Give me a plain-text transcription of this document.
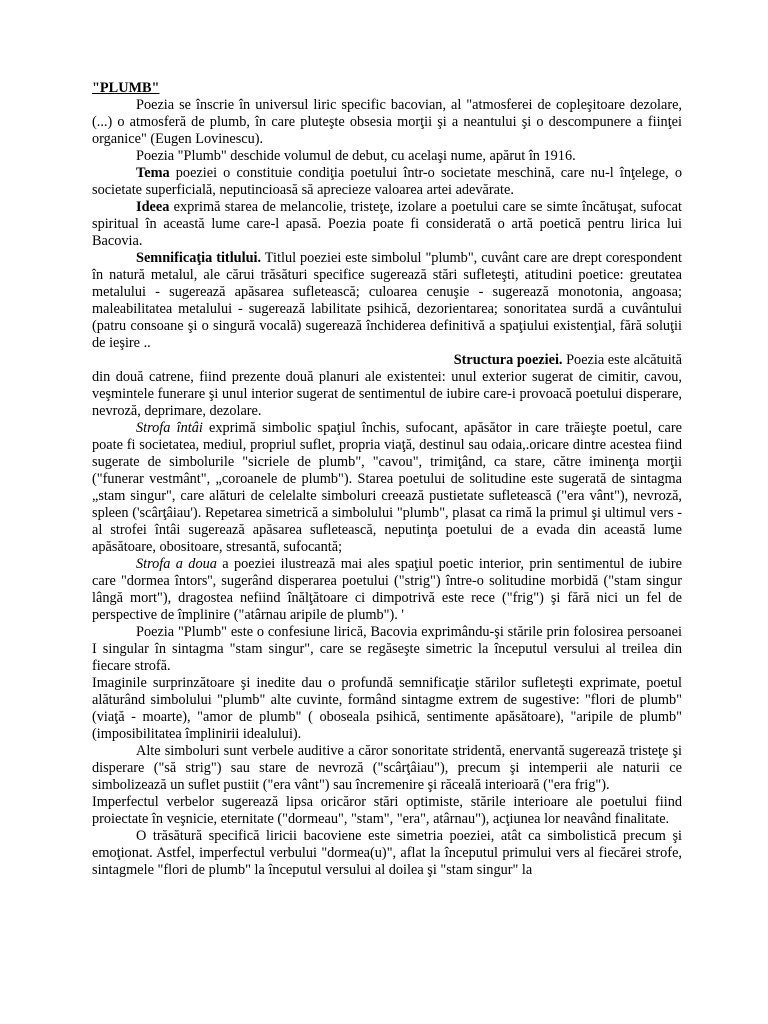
"PLUMB"

Poezia se înscrie în universul liric specific bacovian, al "atmosferei de copleşitoare dezolare, (...) o atmosferă de plumb, în care pluteşte obsesia morţii şi a neantului şi o descompunere a fiinţei organice" (Eugen Lovinescu).

Poezia "Plumb" deschide volumul de debut, cu acelaşi nume, apărut în 1916.

Tema poeziei o constituie condiţia poetului într-o societate meschină, care nu-l înţelege, o societate superficială, neputincioasă să aprecieze valoarea artei adevărate.

Ideea exprimă starea de melancolie, tristeţe, izolare a poetului care se simte încătuşat, sufocat spiritual în această lume care-l apasă. Poezia poate fi considerată o artă poetică pentru lirica lui Bacovia.

Semnificaţia titlului. Titlul poeziei este simbolul "plumb", cuvânt care are drept corespondent în natură metalul, ale cărui trăsături specifice sugerează stări sufleteşti, atitudini poetice: greutatea metalului - sugerează apăsarea sufletească; culoarea cenuşie - sugerează monotonia, angoasa; maleabilitatea metalului - sugerează labilitate psihică, dezorientarea; sonoritatea surdă a cuvântului (patru consoane şi o singură vocală) sugerează închiderea definitivă a spaţiului existenţial, fără soluţii de ieşire ..

Structura poeziei. Poezia este alcătuită

din două catrene, fiind prezente două planuri ale existentei: unul exterior sugerat de cimitir, cavou, veşmintele funerare şi unul interior sugerat de sentimentul de iubire care-i provoacă poetului disperare, nevroză, deprimare, dezolare.

Strofa întâi exprimă simbolic spaţiul închis, sufocant, apăsător in care trăieşte poetul, care poate fi societatea, mediul, propriul suflet, propria viaţă, destinul sau odaia,.oricare dintre acestea fiind sugerate de simbolurile "sicriele de plumb", "cavou", trimiţând, ca stare, către iminenţa morţii ("funerar vestmânt", „coroanele de plumb"). Starea poetului de solitudine este sugerată de sintagma „stam singur", care alături de celelalte simboluri creează pustietate sufletească ("era vânt"), nevroză, spleen ('scârţâiau'). Repetarea simetrică a simbolului "plumb", plasat ca rimă la primul şi ultimul vers - al strofei întâi sugerează apăsarea sufletească, neputinţa poetului de a evada din această lume apăsătoare, obositoare, stresantă, sufocantă;

Strofa a doua a poeziei ilustrează mai ales spaţiul poetic interior, prin sentimentul de iubire care "dormea întors'', sugerând disperarea poetului ("strig") între-o solitudine morbidă ("stam singur lângă mort"), dragostea nefiind înălţătoare ci dimpotrivă este rece ("frig") şi fără nici un fel de perspective de împlinire ("atârnau aripile de plumb"). '

Poezia "Plumb" este o confesiune lirică, Bacovia exprimându-şi stările prin folosirea persoanei I singular în sintagma "stam singur", care se regăseşte simetric la începutul versului al treilea din fiecare strofă.

Imaginile surprinzătoare şi inedite dau o profundă semnificaţie stărilor sufleteşti exprimate, poetul alăturând simbolului "plumb" alte cuvinte, formând sintagme extrem de sugestive: "flori de plumb" (viaţă - moarte), "amor de plumb" ( oboseala psihică, sentimente apăsătoare), "aripile de plumb" (imposibilitatea împlinirii idealului).

Alte simboluri sunt verbele auditive a căror sonoritate stridentă, enervantă sugerează tristeţe şi disperare ("să strig") sau stare de nevroză ("scârţâiau"), precum şi intemperii ale naturii ce simbolizează un suflet pustiit ("era vânt") sau încremenire şi răceală interioară ("era frig").

Imperfectul verbelor sugerează lipsa oricăror stări optimiste, stările interioare ale poetului fiind proiectate în veşnicie, eternitate ("dormeau", "stam", "era", atârnau"), acţiunea lor neavând finalitate.

O trăsătură specifică liricii bacoviene este simetria poeziei, atât ca simbolistică precum şi emoţionat. Astfel, imperfectul verbului "dormea(u)", aflat la începutul primului vers al fiecărei strofe, sintagmele "flori de plumb" la începutul versului al doilea şi "stam singur" la
